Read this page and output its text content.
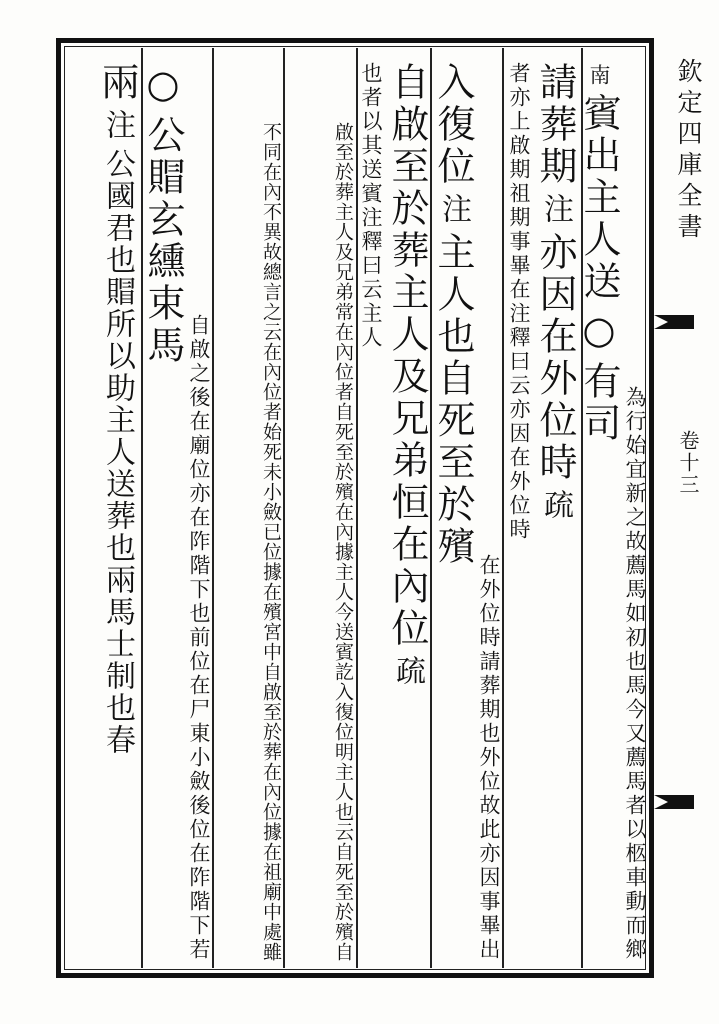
欽定四庫全書
卷十三
馬今又薦馬者以柩車動而鄉
為行始宜新之故薦馬如初也
南 賓出主人送 ○ 有司
請葬期 注 亦因在外位時 疏
注釋曰云亦因在外位時
者亦上啟期祖期事畢在
外位故此亦因事畢出
在外位時請葬期也
入復位 注 主人也自死至於殯
自啟至於葬主人及兄弟恒在內位 疏
注釋曰云主人
也者以其送賓
據主人今送賓訖入復位明主人也云自死至於殯自
啟至於葬主人及兄弟常在內位者自死至於殯在內
位據在殯宮中自啟至於葬在內位據在祖廟中處雖
不同在內不異故總言之云在內位者始死未小斂已
前位在尸東小斂後位在阼階下若
自啟之後在廟位亦在阼階下也
○ 公賵玄纁束馬
兩 注 公國君也賵所以助主人送葬也兩馬士制也春
